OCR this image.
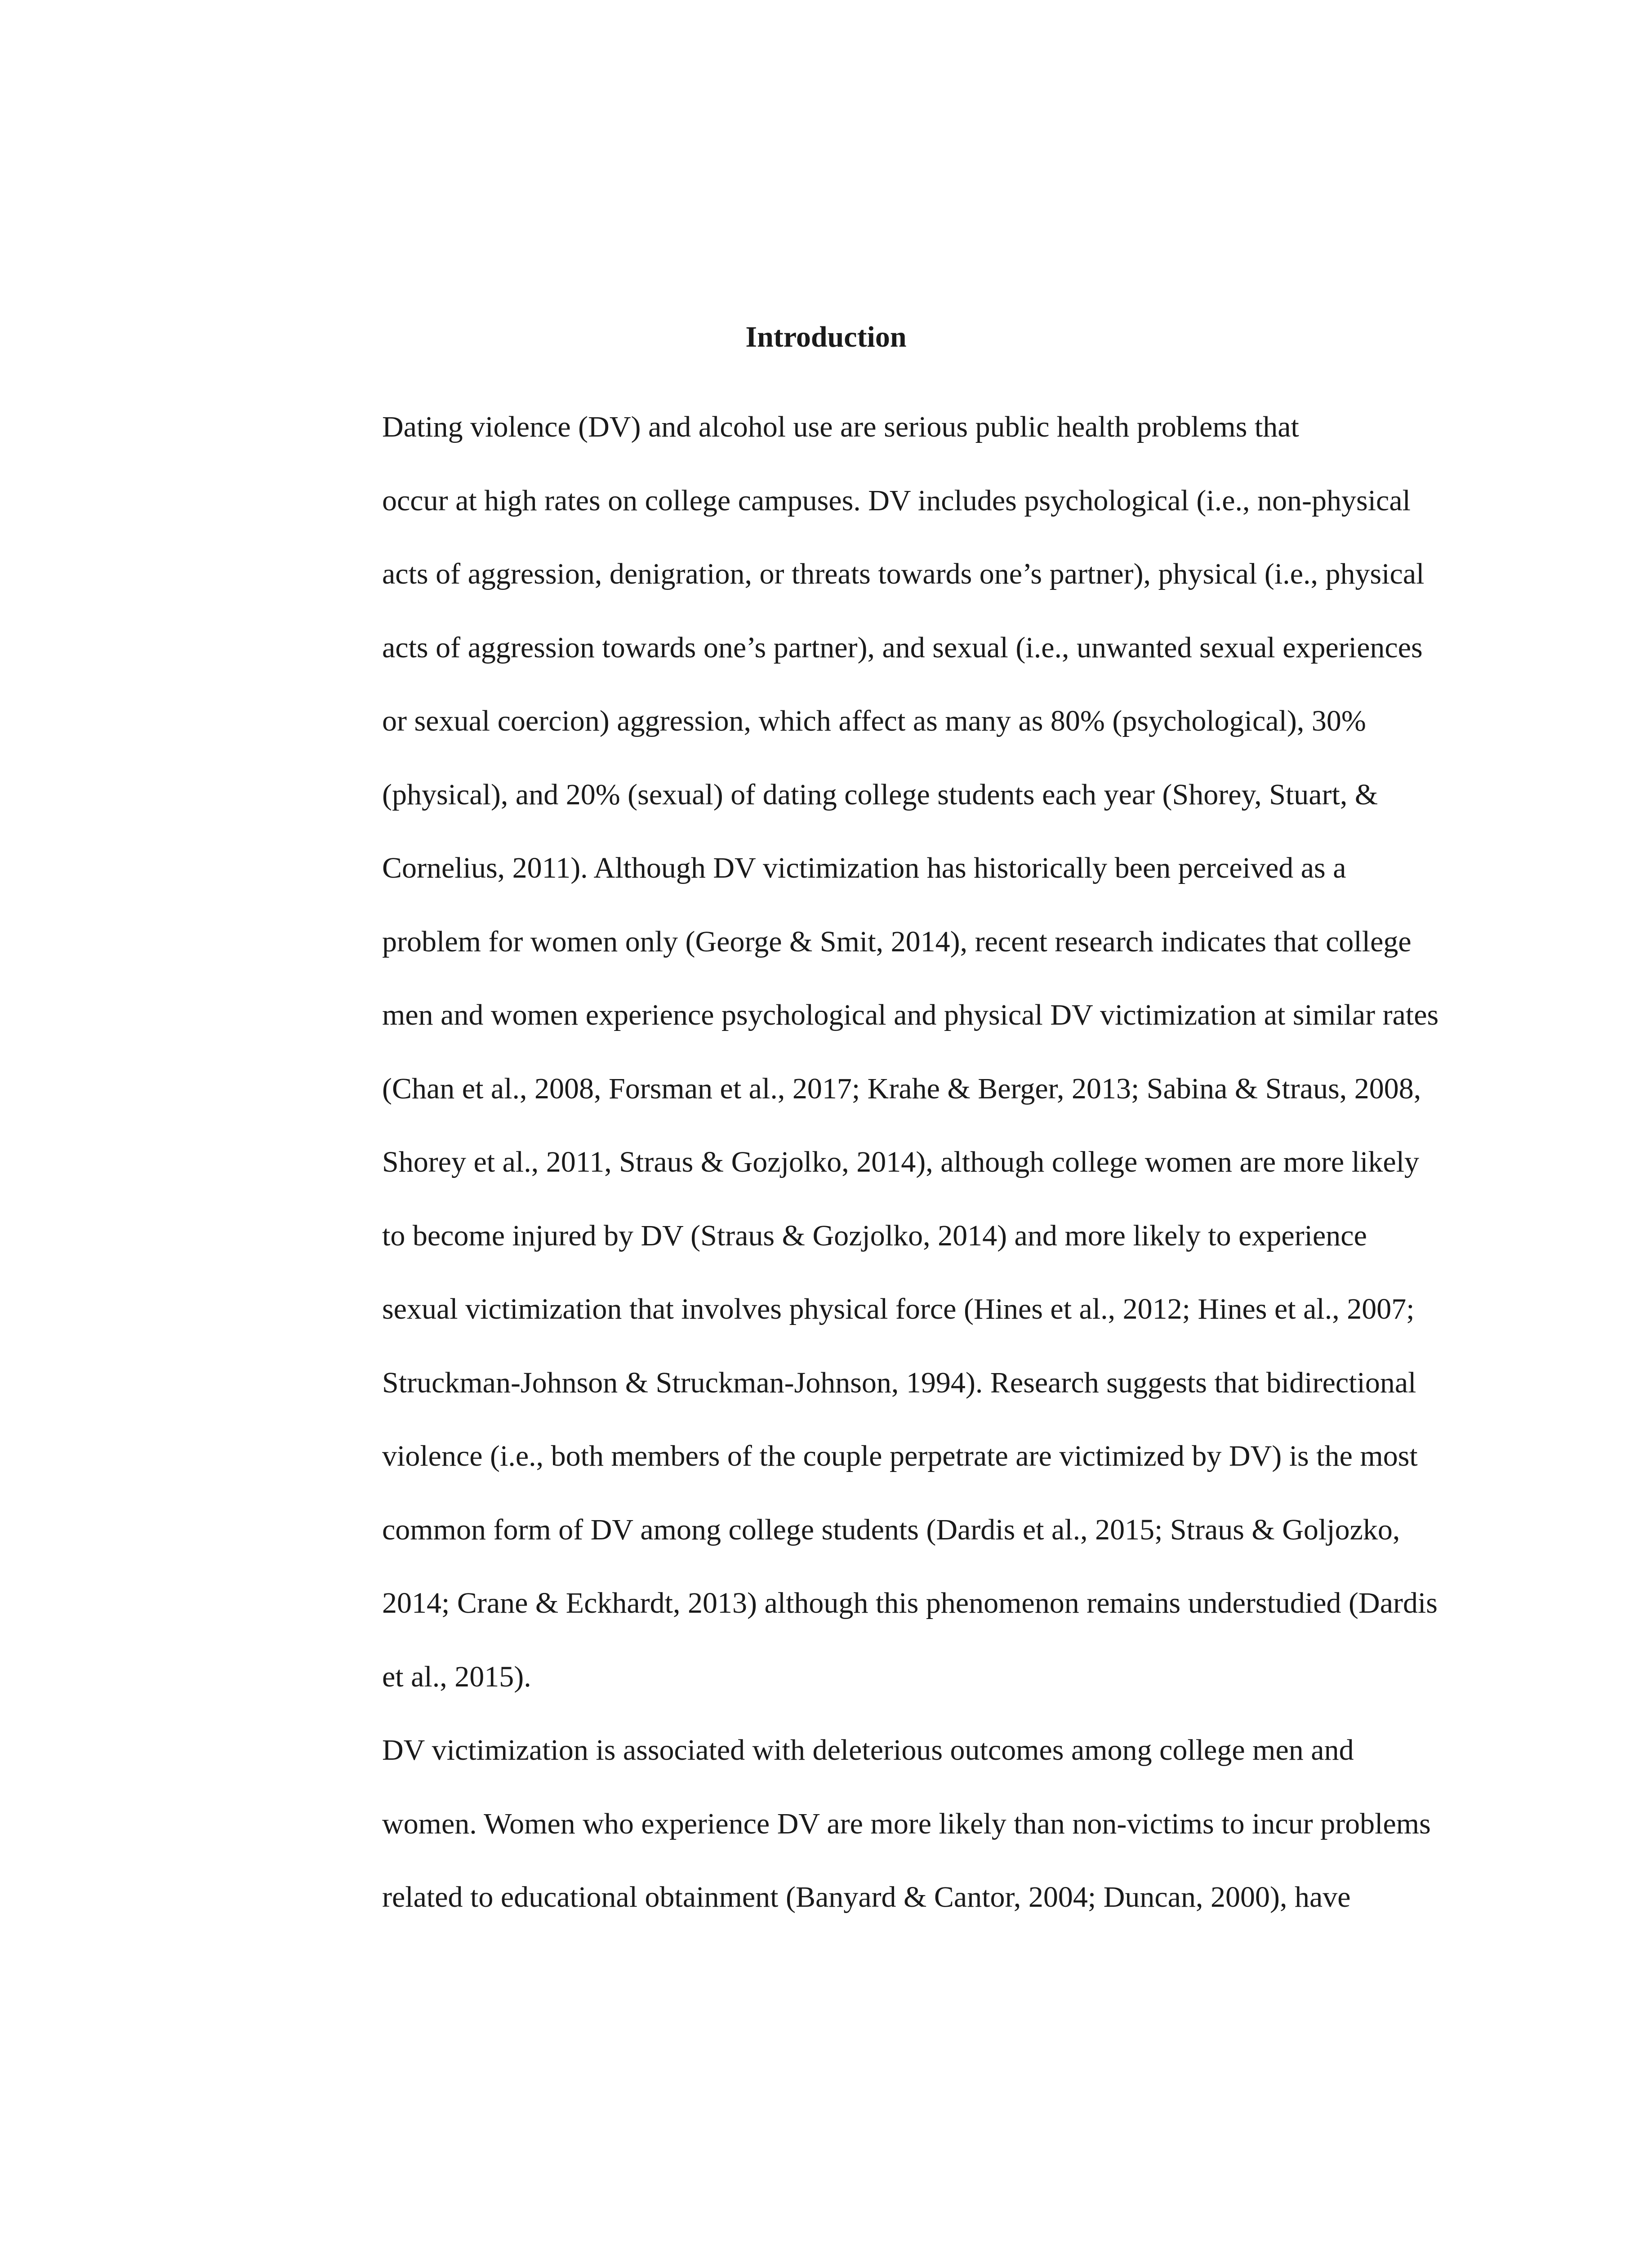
Introduction

Dating violence (DV) and alcohol use are serious public health problems that
occur at high rates on college campuses. DV includes psychological (i.e., non-physical
acts of aggression, denigration, or threats towards one’s partner), physical (i.e., physical
acts of aggression towards one’s partner), and sexual (i.e., unwanted sexual experiences
or sexual coercion) aggression, which affect as many as 80% (psychological), 30%
(physical), and 20% (sexual) of dating college students each year (Shorey, Stuart, &
Cornelius, 2011). Although DV victimization has historically been perceived as a
problem for women only (George & Smit, 2014), recent research indicates that college
men and women experience psychological and physical DV victimization at similar rates
(Chan et al., 2008, Forsman et al., 2017; Krahe & Berger, 2013; Sabina & Straus, 2008,
Shorey et al., 2011, Straus & Gozjolko, 2014), although college women are more likely
to become injured by DV (Straus & Gozjolko, 2014) and more likely to experience
sexual victimization that involves physical force (Hines et al., 2012; Hines et al., 2007;
Struckman-Johnson & Struckman-Johnson, 1994). Research suggests that bidirectional
violence (i.e., both members of the couple perpetrate are victimized by DV) is the most
common form of DV among college students (Dardis et al., 2015; Straus & Goljozko,
2014; Crane & Eckhardt, 2013) although this phenomenon remains understudied (Dardis
et al., 2015).

DV victimization is associated with deleterious outcomes among college men and
women. Women who experience DV are more likely than non-victims to incur problems
related to educational obtainment (Banyard & Cantor, 2004; Duncan, 2000), have
